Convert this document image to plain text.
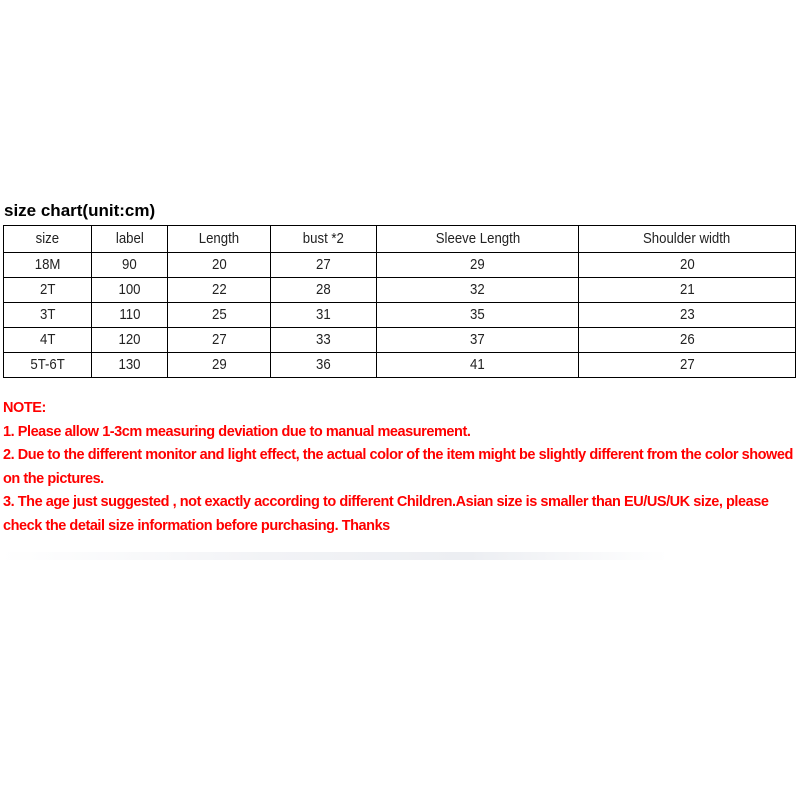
size chart(unit:cm)
size	label	Length	bust *2	Sleeve Length	Shoulder width
18M	90	20	27	29	20
2T	100	22	28	32	21
3T	110	25	31	35	23
4T	120	27	33	37	26
5T-6T	130	29	36	41	27
NOTE:
1. Please allow 1-3cm measuring deviation due to manual measurement.
2. Due to the different monitor and light effect, the actual color of the item might be slightly different from the color showed on the pictures.
3. The age just suggested , not exactly according to different Children.Asian size is smaller than EU/US/UK size, please check the detail size information before purchasing. Thanks
